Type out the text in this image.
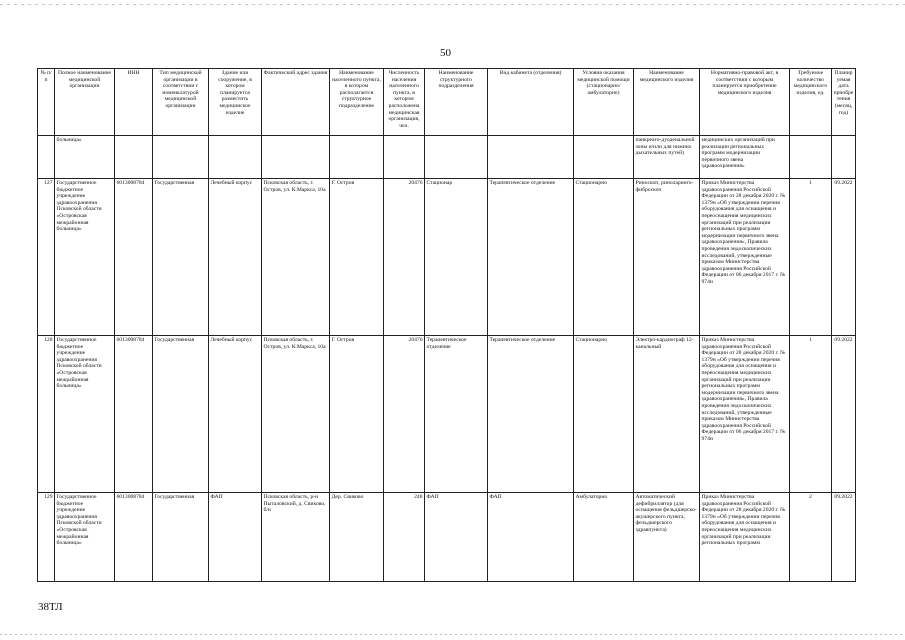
50
№ п/п	Полное наименование медицинской организации	ИНН	Тип медицинской организации в соответствии с номенклатурой медицинской организации	Здание или сооружение, в котором планируется разместить медицинское изделие	Фактический адрес здания	Наименование населенного пункта, в котором располагается структурное подразделение	Численность населения населенного пункта, в котором расположена медицинская организация, чел.	Наименование структурного подразделения	Вид кабинета (отделения)	Условия оказания медицинской помощи (стационарно/ амбулаторно)	Наименование медицинского изделия	Нормативно-правовой акт, в соответствии с которым планируется приобретение медицинского изделия	Требуемое количество медицинского изделия, ед.	Планируемая дата приобретения (месяц, год)
	больница»										панкреато-дуоденальной зоны и/или для нижних дыхательных путей)	медицинских организаций при реализации региональных программ модернизации первичного звена здравоохранения»		
127	Государственное бюджетное учреждение здравоохранения Псковской области «Островская межрайонная больница»	6013008784	Государственная	Лечебный корпус	Псковская область, г. Остров, ул. К.Маркса, 10а	Г. Остров	20476	Стационар	Терапевтическое отделение	Стационарно	Риноскоп, риноларинго-фиброскоп	Приказ Министерства здравоохранения Российской Федерации от 28 декабря 2020 г. № 1379н «Об утверждении перечня оборудования для оснащения и переоснащения медицинских организаций при реализации региональных программ модернизации первичного звена здравоохранения», Правила проведения эндоскопических исследований, утвержденные приказом Министерства здравоохранения Российской Федерации от 06 декабря 2017 г. № 974н	1	09.2022
128	Государственное бюджетное учреждение здравоохранения Псковской области «Островская межрайонная больница»	6013008784	Государственная	Лечебный корпус	Псковская область, г. Остров, ул. К.Маркса, 10а	Г. Остров	20476	Терапевтическое отделение	Терапевтическое отделение	Стационарно	Электро-кардиограф 12-канальный	Приказ Министерства здравоохранения Российской Федерации от 28 декабря 2020 г. № 1379н «Об утверждении перечня оборудования для оснащения и переоснащения медицинских организаций при реализации региональных программ модернизации первичного звена здравоохранения», Правила проведения эндоскопических исследований, утвержденные приказом Министерства здравоохранения Российской Федерации от 06 декабря 2017 г. № 974н	1	09.2022
129	Государственное бюджетное учреждение здравоохранения Псковской области «Островская межрайонная больница»	6013008784	Государственная	ФАП	Псковская область, р-н Пыталовский, д. Свиково, б/н	Дер. Свиково	248	ФАП	ФАП	Амбулаторно	Автоматический дефибриллятор (для оснащения фельдшерско-акушерского пункта, фельдшерского здравпункта)	Приказ Министерства здравоохранения Российской Федерации от 28 декабря 2020 г. № 1379н «Об утверждении перечня оборудования для оснащения и переоснащения медицинских организаций при реализации региональных программ	2	09.2022
38ТЛ
